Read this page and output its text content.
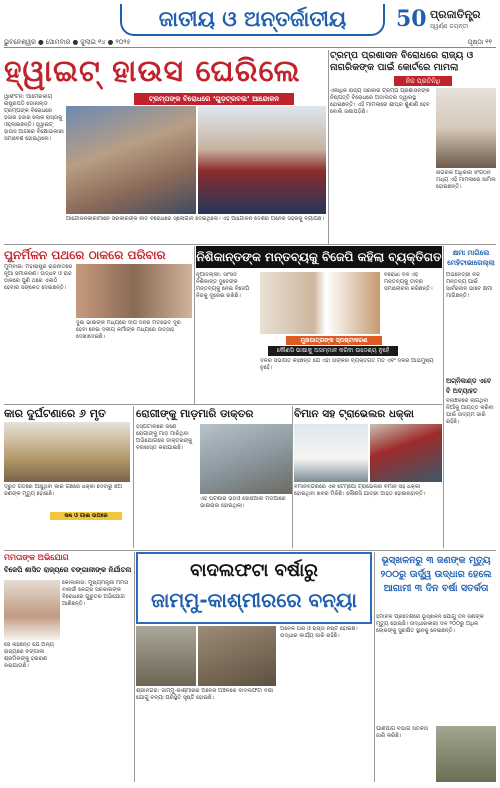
ଜାତୀୟ ଓ ଅନ୍ତର୍ଜାତୀୟ	50 ପ୍ରଜାତିନ୍ତ୍ର
ସ୍ୱର୍ଣ୍ଣ ଜୟନ୍ତୀ
ଭୁବନେଶ୍ୱର ● ସୋମବାର ● ଜୁଲାଇ ୧୪ ● ୨୦୨୫	ପୃଷ୍ଠା ୧୧
ହ୍ୱାଇଟ୍ ହାଉସ ଘେରିଲେ
ଟ୍ରମ୍ପଙ୍କ ବିରୋଧରେ ‘ଗୁଡ଼ଟ୍ରବଲ’ ଆନ୍ଦୋଳନ
ୱାଶିଂଟନ: ଆମେରିକୀୟ ରାଷ୍ଟ୍ରପତି ଡୋନାଲ୍ଡ ଟ୍ରମ୍ପଙ୍କ ବିରୋଧରେ ହଜାର ହଜାର ଲୋକ ରାସ୍ତାକୁ ଓହ୍ଲାଇଛନ୍ତି। ହ୍ୱାଇଟ୍ ହାଉସ ଆଗରେ ବିକ୍ଷୋଭକାରୀ ସମାବେଶ ହୋଇଥିଲେ।
ଆନ୍ଦୋଳନକାରୀମାନେ ସରକାରଙ୍କ ନୀତି ବିରୋଧରେ ସ୍ଲୋଗାନ ଦେଇଥିଲେ। ଏହି ଆନ୍ଦୋଳନ ଦେଶର ଅନେକ ସହରକୁ ବ୍ୟାପିଛି।
ଟ୍ରମ୍ପ ପ୍ରଶାସନ ବିରୋଧରେ ରାଜ୍ୟ ଓ ନାଗରିକଙ୍କ ପାଇଁ କୋର୍ଟରେ ମାମଲା
ନିଜ ପ୍ରତିନିଧି
ଏକାଧିକ ରାଜ୍ୟ ସରକାର ଟ୍ରମ୍ପ ପ୍ରଶାସନଙ୍କ ନିଷ୍ପତ୍ତି ବିରୋଧରେ ଅଦାଲତର ଦ୍ୱାରସ୍ଥ ହୋଇଛନ୍ତି। ଏହି ମାମଲାରେ ଶୀଘ୍ର ଶୁଣାଣି ହେବ ବୋଲି ଜଣାପଡ଼ିଛି।
ନାଗରିକ ଅଧିକାର ସଂଗଠନ ମଧ୍ୟ ଏହି ମାମଲାରେ ସାମିଲ ହୋଇଛନ୍ତି।
ପୁନର୍ମିଳନ ପଥରେ ଠାକରେ ପରିବାର
ମୁମ୍ବାଇ: ମହାରାଷ୍ଟ୍ର ରାଜନୀତିରେ ନୂଆ ସମୀକରଣ। ଉଦ୍ଧବ ଓ ରାଜ ଠାକରେ ପୁଣି ଥରେ ଏକାଠି ହେବାର ସଙ୍କେତ ଦେଇଛନ୍ତି।
ଦୁଇ ଭାଇଙ୍କ ମଧ୍ୟରେ ଦୀର୍ଘ ଦିନର ମତଭେଦ ଦୂର ହେବା ନେଇ ଦଳୀୟ କର୍ମୀଙ୍କ ମଧ୍ୟରେ ଉତ୍ସାହ ଦେଖାଦେଇଛି।
ନିଶିକାନ୍ତଙ୍କ ମନ୍ତବ୍ୟକୁ ବିଜେପି କହିଲା ବ୍ୟକ୍ତିଗତ
ମୁଖପାତ୍ରଙ୍କ ସ୍ପଷ୍ଟୀକରଣ
କୌଣସି ଭାଷାକୁ ଅସମ୍ମାନ କରିବା ଉଦ୍ଦେଶ୍ୟ ନୁହେଁ
ନୂଆଦିଲ୍ଲୀ: ସାଂସଦ ନିଶିକାନ୍ତ ଦୁବେଙ୍କ ମନ୍ତବ୍ୟକୁ ନେଇ ବିଜେପି ନିଜକୁ ଦୂରେଇ ରଖିଛି।
ଦଳର ସଭାପତି କହିଛନ୍ତି ଯେ ଏହା ତାଙ୍କର ବ୍ୟକ୍ତିଗତ ମତ ଏବଂ ଦଳର ଆଭିମୁଖ୍ୟ ନୁହେଁ।
ବିରୋଧୀ ଦଳ ଏହି ମନ୍ତବ୍ୟକୁ ତୀବ୍ର ସମାଲୋଚନା କରିଛନ୍ତି।
କ୍ଷମା ମାଗିଲେ ମେହିଟାଭାରେଲ୍ଲା
ଅଭିନେତ୍ରୀ ନିଜ ମନ୍ତବ୍ୟ ପାଇଁ ସାର୍ବଜନୀନ ଭାବେ କ୍ଷମା ମାଗିଛନ୍ତି।
ଅଗ୍ନିକାଣ୍ଡ ଏବେ ବି ଅବ୍ୟାହତ
ବନାଞ୍ଚଳରେ ଲାଗିଥିବା ନିଆଁକୁ ଆୟତ୍ତ କରିବା ପାଇଁ ଉଦ୍ୟମ ଜାରି ରହିଛି।
କାର ଦୁର୍ଘଟଣାରେ ୬ ମୃତ
ଦ୍ରୁତ ଗତିରେ ଆସୁଥିବା କାର ଗଛରେ ଧକ୍କା ଦେବାରୁ ଛଅ ଜଣଙ୍କ ମୃତ୍ୟୁ ହୋଇଛି।
ଷଣ୍ଢ ଓ ଗାଈ ଉପରେ
ରୋଗୀଙ୍କୁ ମାଡ଼ମାରି ଡାକ୍ତର
ହସ୍ପିଟାଲରେ ଜଣେ ରୋଗୀଙ୍କୁ ମାଡ଼ ମାରିଥିବା ଅଭିଯୋଗରେ ଡାକ୍ତରଙ୍କୁ ବରଖାସ୍ତ କରାଯାଇଛି।
ଏହି ଘଟଣାର ଭିଡିଓ ସୋସିଆଲ ମିଡିଆରେ ଭାଇରାଲ ହୋଇଥିଲା।
ବିମାନ ସହ ଟ୍ରାଭେଲର ଧକ୍କା
ବିମାନବନ୍ଦରରେ ଏକ ଟେମ୍ପୋ ଟ୍ରାଭେଲର ବିମାନ ସହ ଧକ୍କା ହୋଇଥିବା ଖବର ମିଳିଛି। କୌଣସି ଯାତ୍ରୀ ଆହତ ହୋଇନାହାନ୍ତି।
ମମତାଙ୍କ ଅଭିଯୋଗ
ବିଜେପି ଶାସିତ ରାଜ୍ୟରେ ବଙ୍ଗାଳୀଙ୍କ ନିର୍ଯାତନା
କୋଲକାତା: ମୁଖ୍ୟମନ୍ତ୍ରୀ ମମତା ବାନାର୍ଜୀ କେନ୍ଦ୍ର ସରକାରଙ୍କ ବିରୋଧରେ ଗୁରୁତର ଅଭିଯୋଗ ଆଣିଛନ୍ତି।
ସେ କହିଛନ୍ତି ଯେ ଅନ୍ୟ ରାଜ୍ୟରେ ବଙ୍ଗାଳୀ ଶ୍ରମିକଙ୍କୁ ହଇରାଣ କରାଯାଉଛି।
ବାଦଲଫଟା ବର୍ଷାରୁ
ଜାମ୍ମୁ-କାଶ୍ମୀରରେ ବନ୍ୟା
ଶ୍ରୀନଗର: ଜାମ୍ମୁ-କାଶ୍ମୀରର ଅନେକ ଅଞ୍ଚଳରେ ବାଦଲଫଟା ବର୍ଷା ଯୋଗୁ ବନ୍ୟା ପରିସ୍ଥିତି ସୃଷ୍ଟି ହୋଇଛି।
ଅନେକ ଘର ଓ ରାସ୍ତା ନଷ୍ଟ ହୋଇଛି। ଉଦ୍ଧାର କାର୍ଯ୍ୟ ଜାରି ରହିଛି।
ଭୂସ୍ଖଳନରୁ ୩ ଜଣଙ୍କ ମୃତ୍ୟୁ ୨୦୦ରୁ ଊର୍ଦ୍ଧ୍ୱ ଉଦ୍ଧାର ହେଲେ ଆଗାମୀ ୩ ଦିନ ବର୍ଷା ସତର୍କତା
ହିମାଚଳ ପ୍ରଦେଶରେ ଭୂସ୍ଖଳନ ଯୋଗୁ ତିନି ଜଣଙ୍କ ମୃତ୍ୟୁ ହୋଇଛି। ଉଦ୍ଧାରକାରୀ ଦଳ ୨୦୦ରୁ ଅଧିକ ଲୋକଙ୍କୁ ସୁରକ୍ଷିତ ସ୍ଥାନକୁ ନେଇଛନ୍ତି।
ପାଣିପାଗ ବିଭାଗ ସତର୍କତା ଜାରି କରିଛି।
